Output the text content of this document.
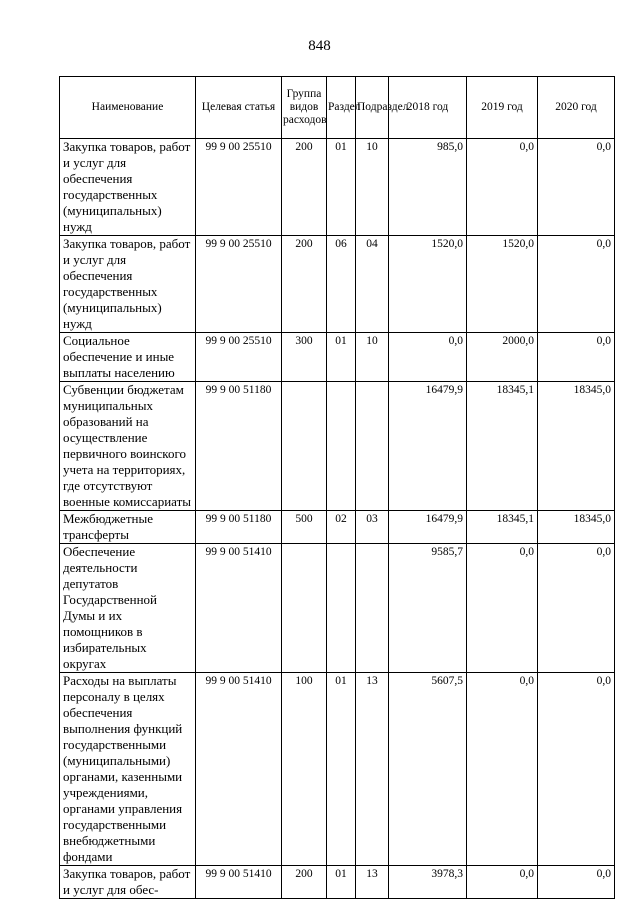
848
Наименование	Целевая статья	Группа видов расходов	Раздел	Подраздел	2018 год	2019 год	2020 год
Закупка товаров, работ и услуг для обеспечения государственных (муниципальных) нужд	99 9 00 25510	200	01	10	985,0	0,0	0,0
Закупка товаров, работ и услуг для обеспечения государственных (муниципальных) нужд	99 9 00 25510	200	06	04	1520,0	1520,0	0,0
Социальное обеспечение и иные выплаты населению	99 9 00 25510	300	01	10	0,0	2000,0	0,0
Субвенции бюджетам муниципальных образований на осуществление первичного воинского учета на территориях, где отсутствуют военные комиссариаты	99 9 00 51180				16479,9	18345,1	18345,0
Межбюджетные трансферты	99 9 00 51180	500	02	03	16479,9	18345,1	18345,0
Обеспечение деятельности депутатов Государственной Думы и их помощников в избирательных округах	99 9 00 51410				9585,7	0,0	0,0
Расходы на выплаты персоналу в целях обеспечения выполнения функций государственными (муниципальными) органами, казенными учреждениями, органами управления государственными внебюджетными фондами	99 9 00 51410	100	01	13	5607,5	0,0	0,0
Закупка товаров, работ и услуг для обес-	99 9 00 51410	200	01	13	3978,3	0,0	0,0
